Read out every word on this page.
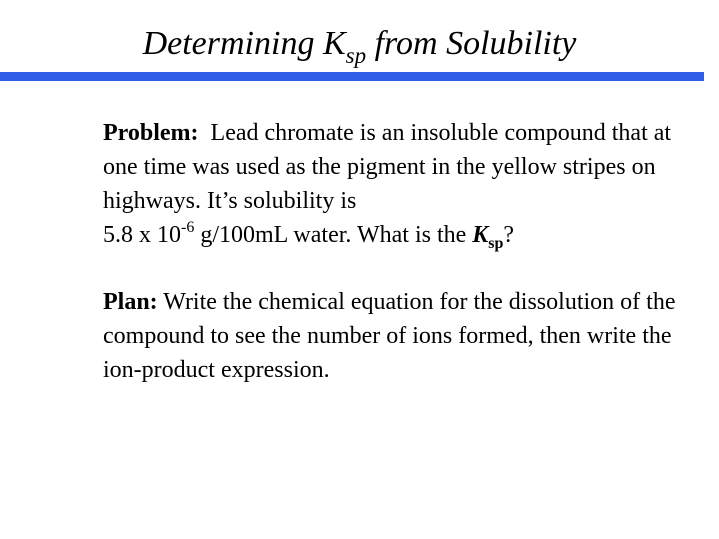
Determining $K_{sp}$ from Solubility

Problem: Lead chromate is an insoluble compound that at one time was used as the pigment in the yellow stripes on highways. It’s solubility is
5.8 x $10^{-6}$ g/100mL water. What is the $K_{sp}$?

Plan: Write the chemical equation for the dissolution of the compound to see the number of ions formed, then write the ion-product expression.
